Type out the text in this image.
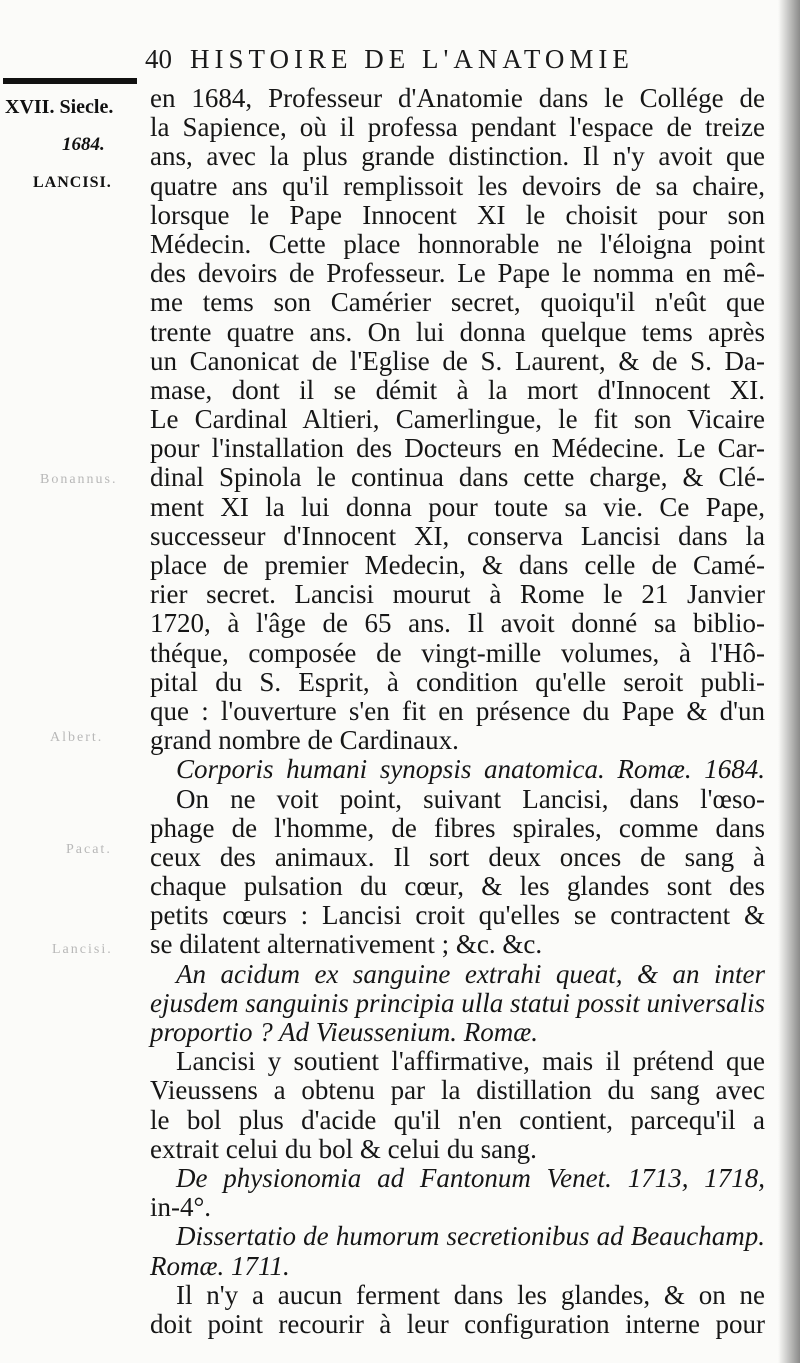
40 HISTOIRE DE L'ANATOMIE
XVII. Siecle.
1684.
LANCISI.
Bonannus.
Albert.
Pacat.
Lancisi.
en 1684, Professeur d'Anatomie dans le Collége de
la Sapience, où il professa pendant l'espace de treize
ans, avec la plus grande distinction. Il n'y avoit que
quatre ans qu'il remplissoit les devoirs de sa chaire,
lorsque le Pape Innocent XI le choisit pour son
Médecin. Cette place honnorable ne l'éloigna point
des devoirs de Professeur. Le Pape le nomma en mê-
me tems son Camérier secret, quoiqu'il n'eût que
trente quatre ans. On lui donna quelque tems après
un Canonicat de l'Eglise de S. Laurent, & de S. Da-
mase, dont il se démit à la mort d'Innocent XI.
Le Cardinal Altieri, Camerlingue, le fit son Vicaire
pour l'installation des Docteurs en Médecine. Le Car-
dinal Spinola le continua dans cette charge, & Clé-
ment XI la lui donna pour toute sa vie. Ce Pape,
successeur d'Innocent XI, conserva Lancisi dans la
place de premier Medecin, & dans celle de Camé-
rier secret. Lancisi mourut à Rome le 21 Janvier
1720, à l'âge de 65 ans. Il avoit donné sa biblio-
théque, composée de vingt-mille volumes, à l'Hô-
pital du S. Esprit, à condition qu'elle seroit publi-
que : l'ouverture s'en fit en présence du Pape & d'un
grand nombre de Cardinaux.
Corporis humani synopsis anatomica. Romæ. 1684.
On ne voit point, suivant Lancisi, dans l'œso-
phage de l'homme, de fibres spirales, comme dans
ceux des animaux. Il sort deux onces de sang à
chaque pulsation du cœur, & les glandes sont des
petits cœurs : Lancisi croit qu'elles se contractent &
se dilatent alternativement ; &c. &c.
An acidum ex sanguine extrahi queat, & an inter
ejusdem sanguinis principia ulla statui possit universalis
proportio ? Ad Vieussenium. Romæ.
Lancisi y soutient l'affirmative, mais il prétend que
Vieussens a obtenu par la distillation du sang avec
le bol plus d'acide qu'il n'en contient, parcequ'il a
extrait celui du bol & celui du sang.
De physionomia ad Fantonum Venet. 1713, 1718,
in-4°.
Dissertatio de humorum secretionibus ad Beauchamp.
Romæ. 1711.
Il n'y a aucun ferment dans les glandes, & on ne
doit point recourir à leur configuration interne pour
